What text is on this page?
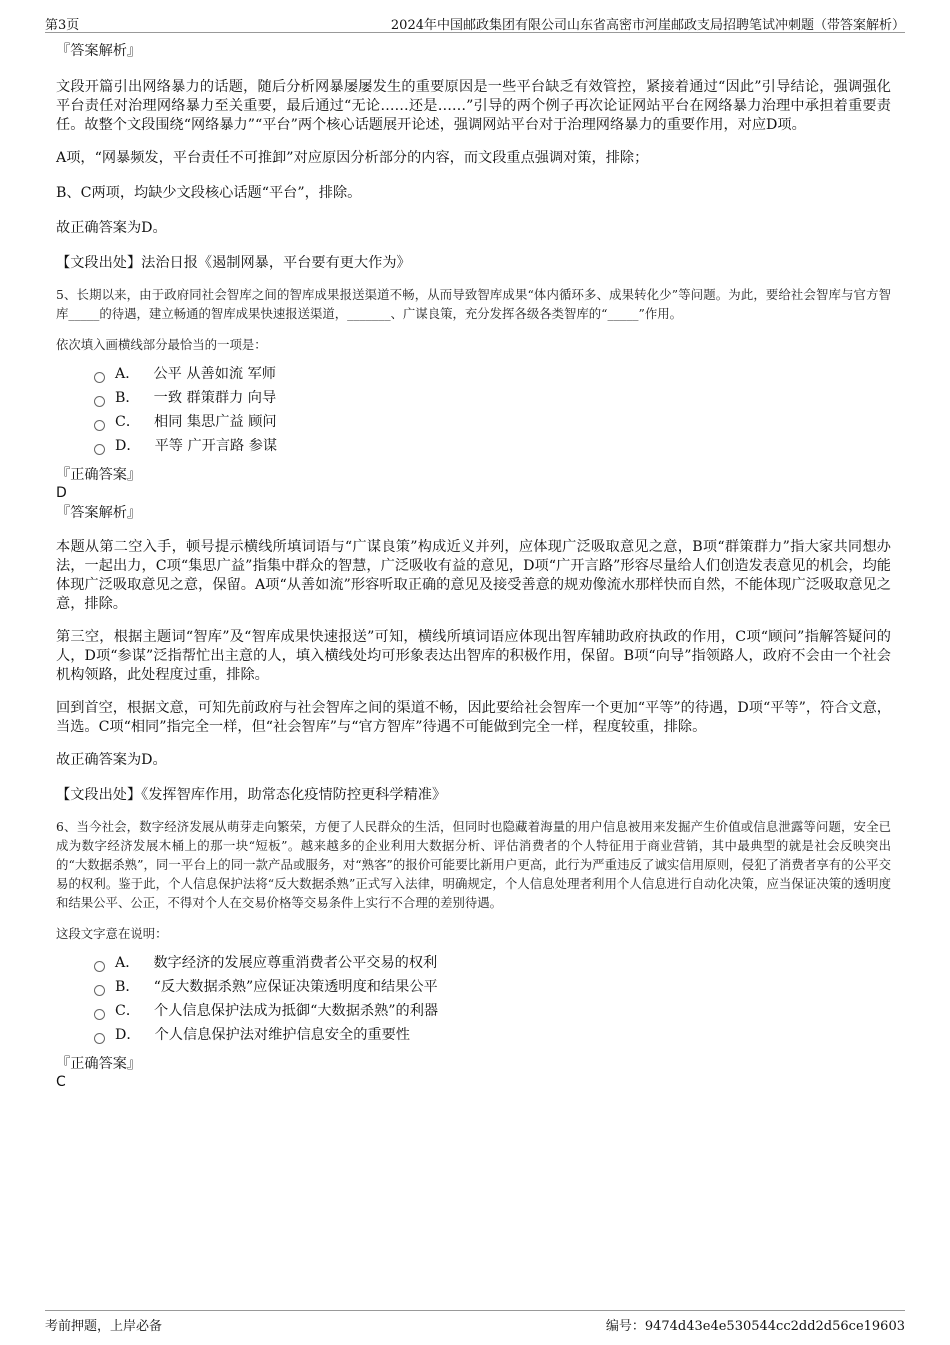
第3页	2024年中国邮政集团有限公司山东省高密市河崖邮政支局招聘笔试冲刺题（带答案解析）

『答案解析』

文段开篇引出网络暴力的话题，随后分析网暴屡屡发生的重要原因是一些平台缺乏有效管控，紧接着通过“因此”引导结论，强调强化平台责任对治理网络暴力至关重要，最后通过“无论……还是……”引导的两个例子再次论证网站平台在网络暴力治理中承担着重要责任。故整个文段围绕“网络暴力”“平台”两个核心话题展开论述，强调网站平台对于治理网络暴力的重要作用，对应D项。

A项，“网暴频发，平台责任不可推卸”对应原因分析部分的内容，而文段重点强调对策，排除；

B、C两项，均缺少文段核心话题“平台”，排除。

故正确答案为D。

【文段出处】法治日报《遏制网暴，平台要有更大作为》

5、长期以来，由于政府同社会智库之间的智库成果报送渠道不畅，从而导致智库成果“体内循环多、成果转化少”等问题。为此，要给社会智库与官方智库_____的待遇，建立畅通的智库成果快速报送渠道，_______、广谋良策，充分发挥各级各类智库的“_____”作用。

依次填入画横线部分最恰当的一项是：

A． 公平 从善如流 军师
B． 一致 群策群力 向导
C． 相同 集思广益 顾问
D． 平等 广开言路 参谋

『正确答案』

D

『答案解析』

本题从第二空入手，顿号提示横线所填词语与“广谋良策”构成近义并列，应体现广泛吸取意见之意，B项“群策群力”指大家共同想办法，一起出力，C项“集思广益”指集中群众的智慧，广泛吸收有益的意见，D项“广开言路”形容尽量给人们创造发表意见的机会，均能体现广泛吸取意见之意，保留。A项“从善如流”形容听取正确的意见及接受善意的规劝像流水那样快而自然，不能体现广泛吸取意见之意，排除。

第三空，根据主题词“智库”及“智库成果快速报送”可知，横线所填词语应体现出智库辅助政府执政的作用，C项“顾问”指解答疑问的人，D项“参谋”泛指帮忙出主意的人，填入横线处均可形象表达出智库的积极作用，保留。B项“向导”指领路人，政府不会由一个社会机构领路，此处程度过重，排除。

回到首空，根据文意，可知先前政府与社会智库之间的渠道不畅，因此要给社会智库一个更加“平等”的待遇，D项“平等”，符合文意，当选。C项“相同”指完全一样，但“社会智库”与“官方智库”待遇不可能做到完全一样，程度较重，排除。

故正确答案为D。

【文段出处】《发挥智库作用，助常态化疫情防控更科学精准》

6、当今社会，数字经济发展从萌芽走向繁荣，方便了人民群众的生活，但同时也隐藏着海量的用户信息被用来发掘产生价值或信息泄露等问题，安全已成为数字经济发展木桶上的那一块“短板”。越来越多的企业利用大数据分析、评估消费者的个人特征用于商业营销，其中最典型的就是社会反映突出的“大数据杀熟”，同一平台上的同一款产品或服务，对“熟客”的报价可能要比新用户更高，此行为严重违反了诚实信用原则，侵犯了消费者享有的公平交易的权利。鉴于此，个人信息保护法将“反大数据杀熟”正式写入法律，明确规定，个人信息处理者利用个人信息进行自动化决策，应当保证决策的透明度和结果公平、公正，不得对个人在交易价格等交易条件上实行不合理的差别待遇。

这段文字意在说明：

A． 数字经济的发展应尊重消费者公平交易的权利
B． “反大数据杀熟”应保证决策透明度和结果公平
C． 个人信息保护法成为抵御“大数据杀熟”的利器
D． 个人信息保护法对维护信息安全的重要性

『正确答案』

C

考前押题，上岸必备	编号：9474d43e4e530544cc2dd2d56ce19603
